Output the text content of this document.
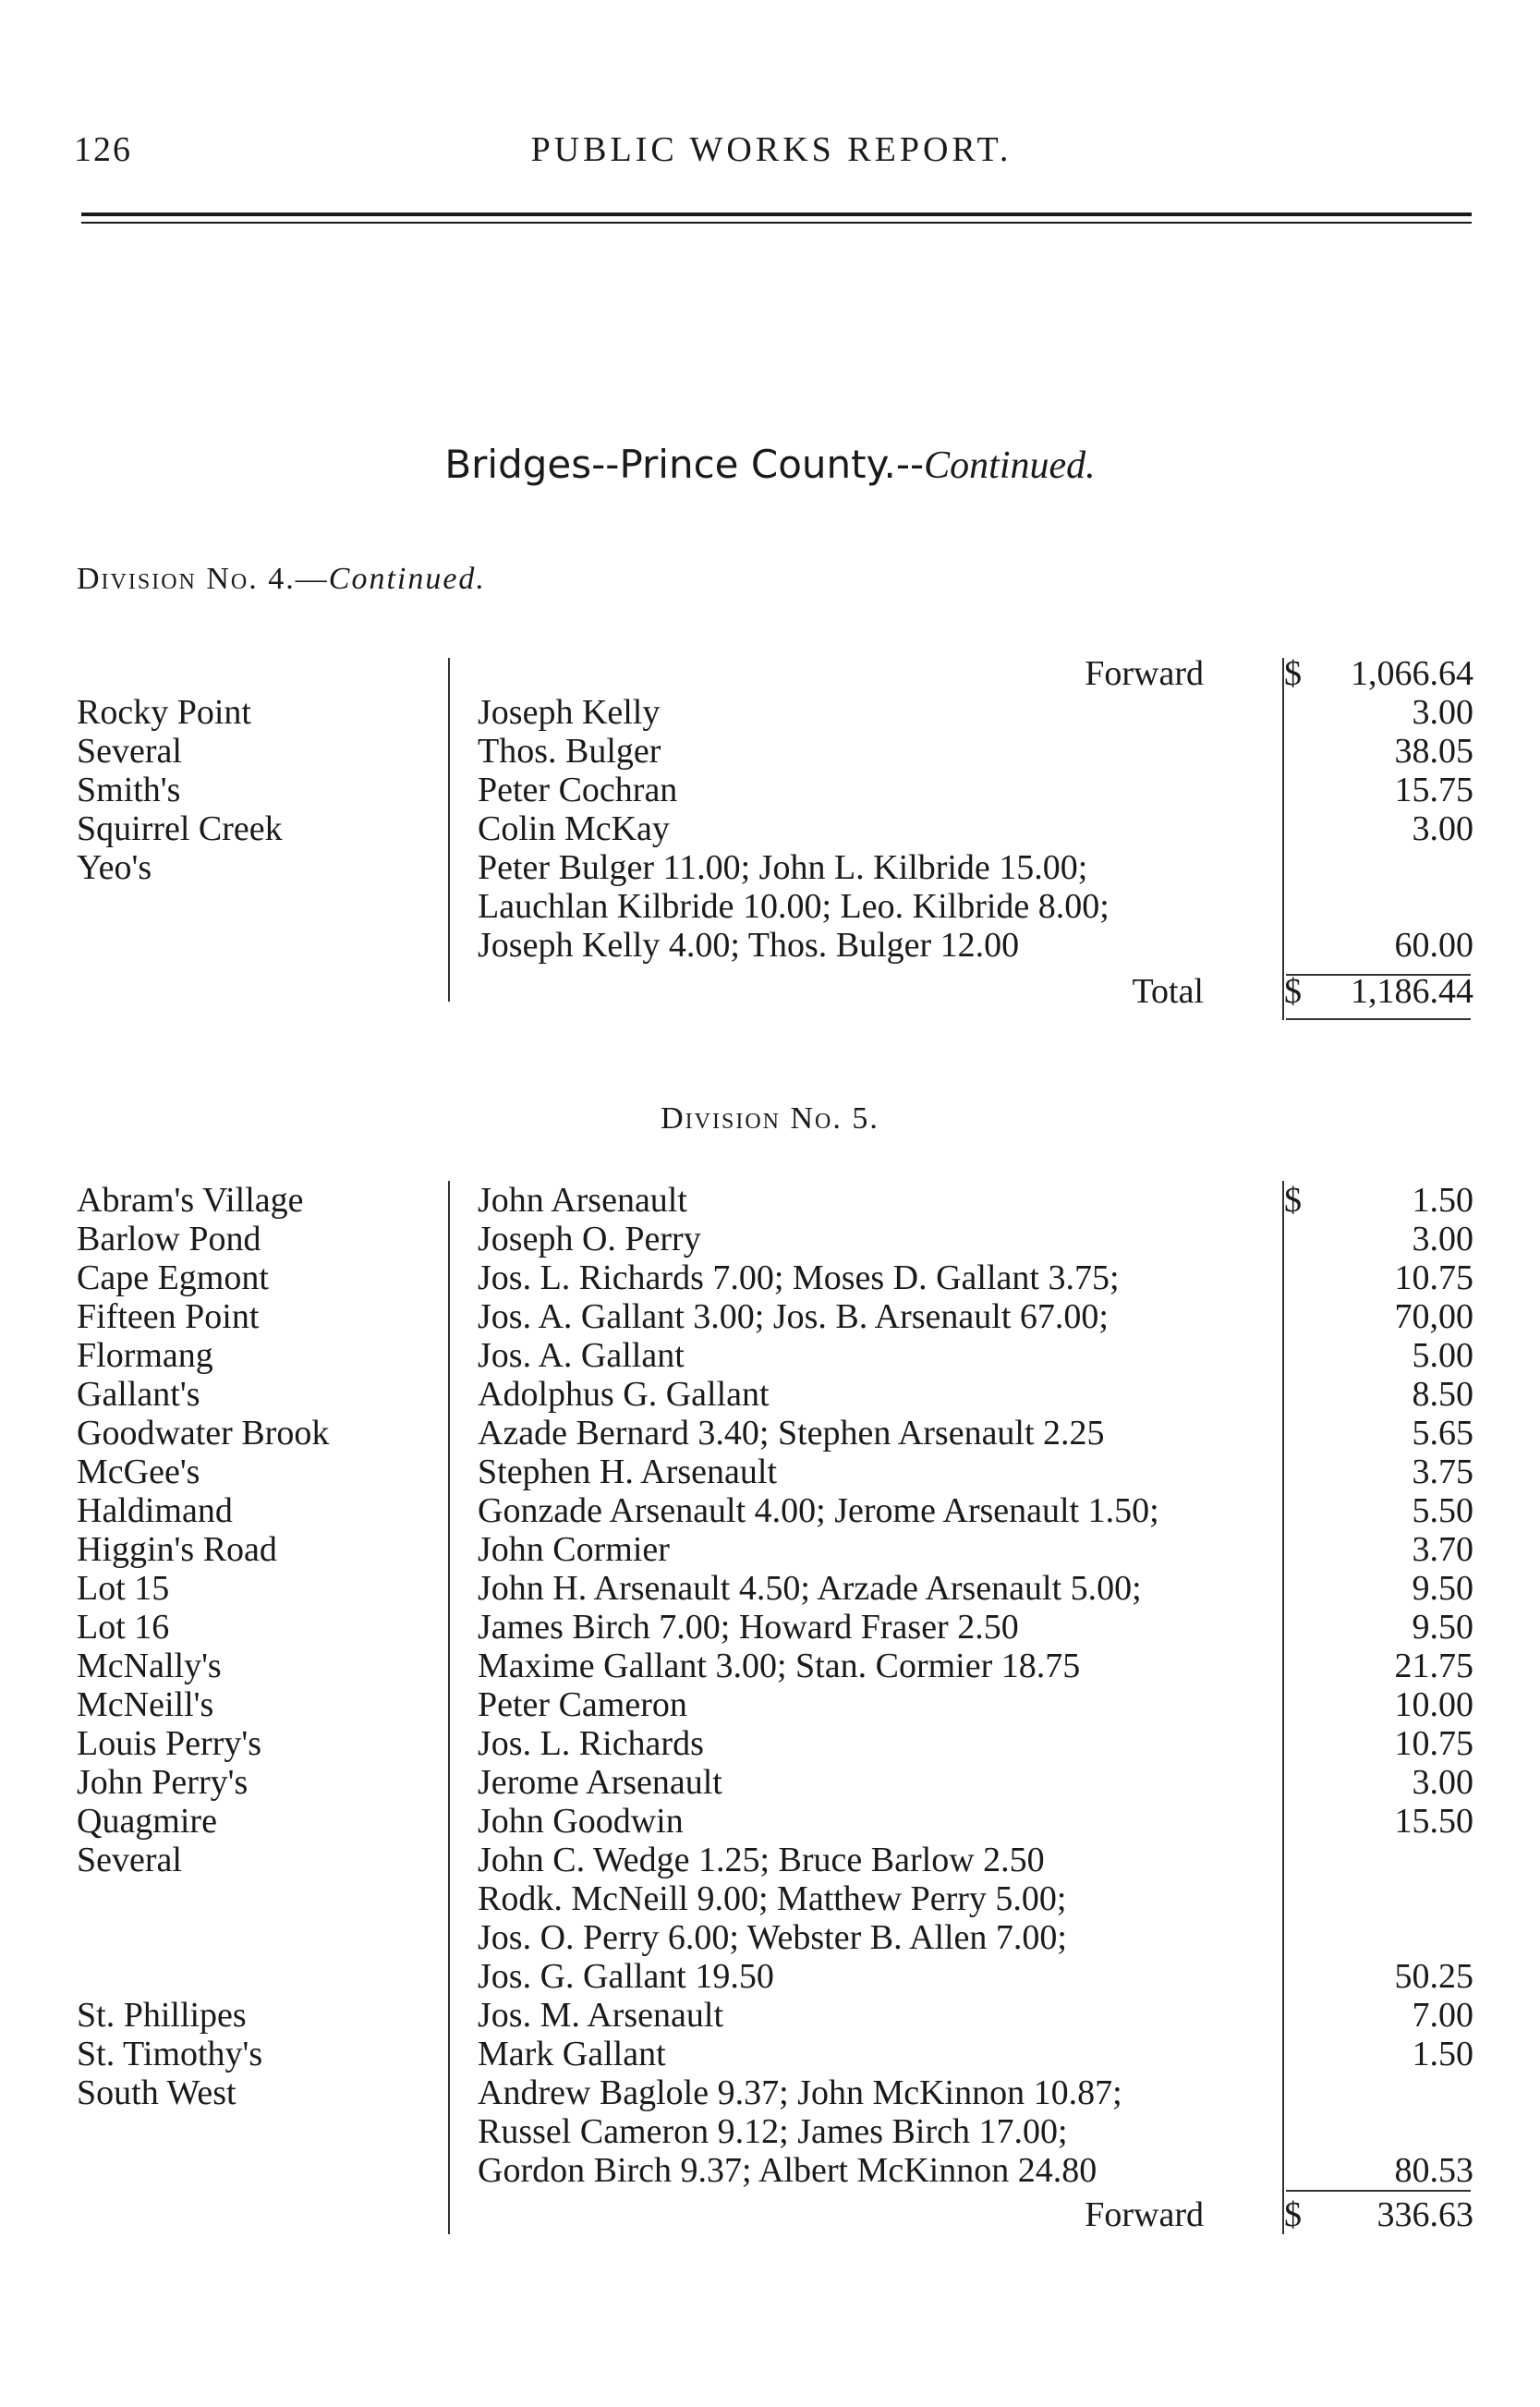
126	PUBLIC WORKS REPORT.
Bridges--Prince County.--Continued.
Division No. 4.—Continued.
Forward $ 1,066.64
Rocky Point	Joseph Kelly	3.00
Several	Thos. Bulger	38.05
Smith's	Peter Cochran	15.75
Squirrel Creek	Colin McKay	3.00
Yeo's	Peter Bulger 11.00; John L. Kilbride 15.00;
Lauchlan Kilbride 10.00; Leo. Kilbride 8.00;
Joseph Kelly 4.00; Thos. Bulger 12.00	60.00
Total $ 1,186.44
Division No. 5.
Abram's Village	John Arsenault	$	1.50
Barlow Pond	Joseph O. Perry	3.00
Cape Egmont	Jos. L. Richards 7.00; Moses D. Gallant 3.75;	10.75
Fifteen Point	Jos. A. Gallant 3.00; Jos. B. Arsenault 67.00;	70,00
Flormang	Jos. A. Gallant	5.00
Gallant's	Adolphus G. Gallant	8.50
Goodwater Brook	Azade Bernard 3.40; Stephen Arsenault 2.25	5.65
McGee's	Stephen H. Arsenault	3.75
Haldimand	Gonzade Arsenault 4.00; Jerome Arsenault 1.50;	5.50
Higgin's Road	John Cormier	3.70
Lot 15	John H. Arsenault 4.50; Arzade Arsenault 5.00;	9.50
Lot 16	James Birch 7.00; Howard Fraser 2.50	9.50
McNally's	Maxime Gallant 3.00; Stan. Cormier 18.75	21.75
McNeill's	Peter Cameron	10.00
Louis Perry's	Jos. L. Richards	10.75
John Perry's	Jerome Arsenault	3.00
Quagmire	John Goodwin	15.50
Several	John C. Wedge 1.25; Bruce Barlow 2.50
Rodk. McNeill 9.00; Matthew Perry 5.00;
Jos. O. Perry 6.00; Webster B. Allen 7.00;
Jos. G. Gallant 19.50	50.25
St. Phillipes	Jos. M. Arsenault	7.00
St. Timothy's	Mark Gallant	1.50
South West	Andrew Baglole 9.37; John McKinnon 10.87;
Russel Cameron 9.12; James Birch 17.00;
Gordon Birch 9.37; Albert McKinnon 24.80	80.53
Forward $ 336.63
